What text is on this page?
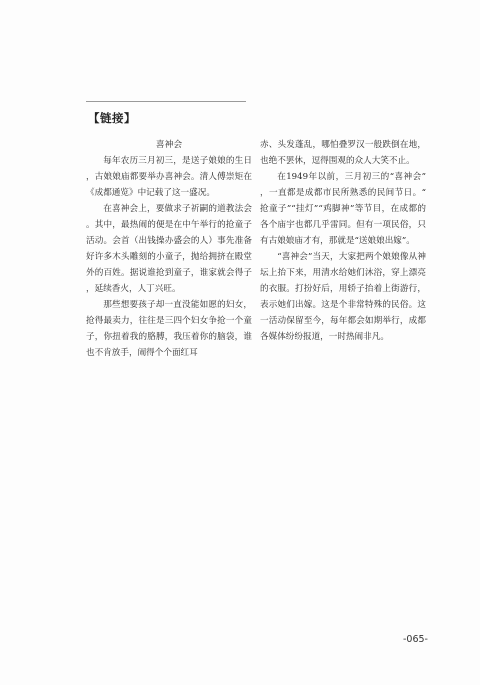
【链接】

喜神会

每年农历三月初三，是送子娘娘的生日，古娘娘庙都要举办喜神会。清人傅崇矩在《成都通览》中记载了这一盛况。

在喜神会上，要做求子祈嗣的道教法会。其中，最热闹的便是在中午举行的抢童子活动。会首（出钱操办盛会的人）事先准备好许多木头雕刻的小童子，抛给拥挤在殿堂外的百姓。据说谁抢到童子，谁家就会得子，延续香火，人丁兴旺。

那些想要孩子却一直没能如愿的妇女，抢得最卖力，往往是三四个妇女争抢一个童子，你扭着我的胳膊，我压着你的脑袋，谁也不肯放手，闹得个个面红耳

赤、头发蓬乱，哪怕叠罗汉一般跌倒在地，也绝不罢休，逗得围观的众人大笑不止。

在1949年以前，三月初三的“喜神会”，一直都是成都市民所熟悉的民间节日。“抢童子”“挂灯”“鸡脚神”等节目，在成都的各个庙宇也都几乎雷同。但有一项民俗，只有古娘娘庙才有，那就是“送娘娘出嫁”。

“喜神会”当天，大家把两个娘娘像从神坛上抬下来，用清水给她们沐浴，穿上漂亮的衣服。打扮好后，用轿子抬着上街游行，表示她们出嫁。这是个非常特殊的民俗。这一活动保留至今，每年都会如期举行，成都各媒体纷纷报道，一时热闹非凡。

-065-
